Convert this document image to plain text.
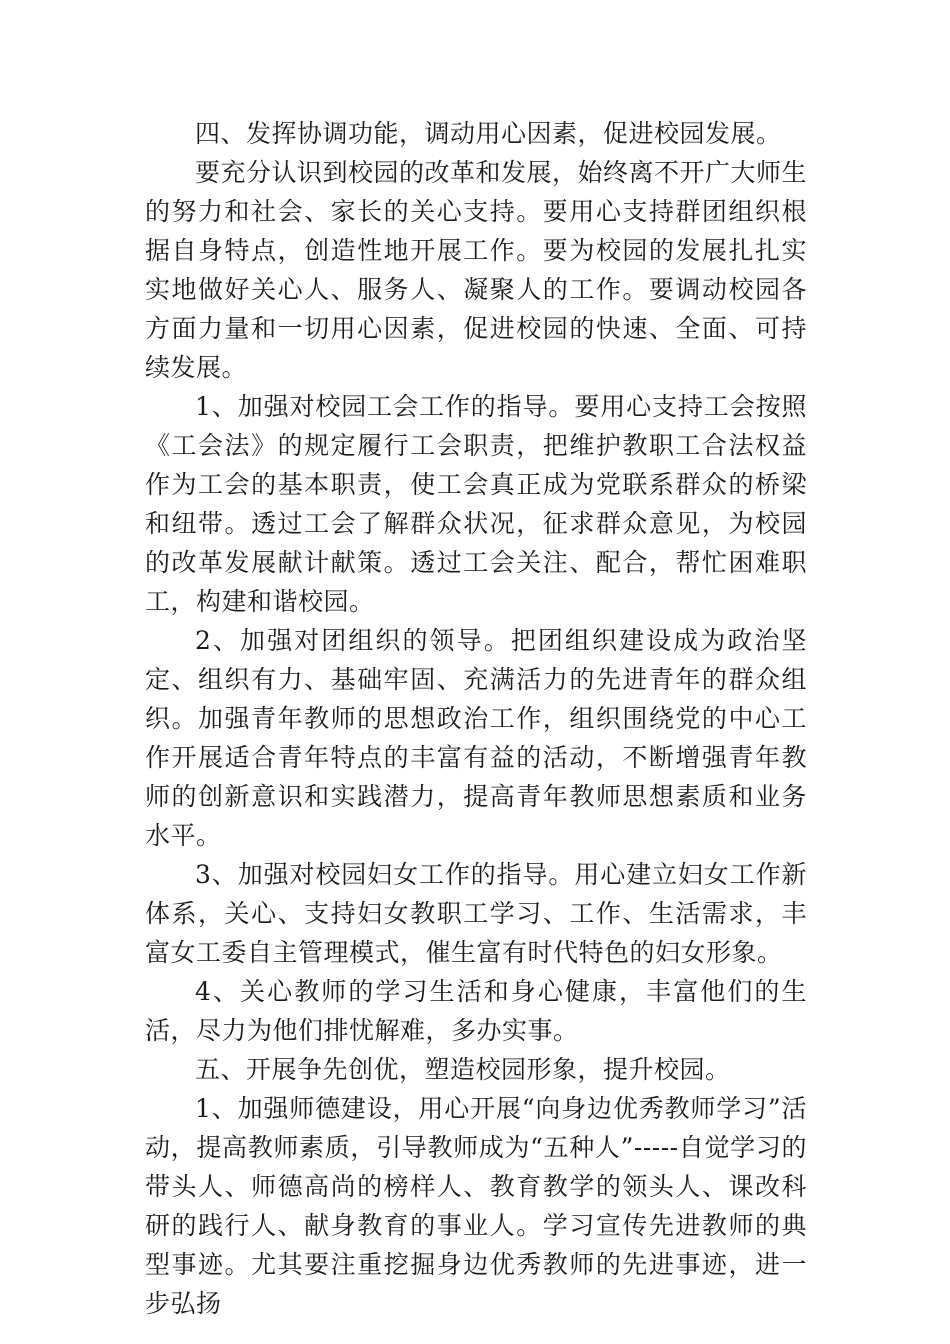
四、发挥协调功能，调动用心因素，促进校园发展。

要充分认识到校园的改革和发展，始终离不开广大师生的努力和社会、家长的关心支持。要用心支持群团组织根据自身特点，创造性地开展工作。要为校园的发展扎扎实实地做好关心人、服务人、凝聚人的工作。要调动校园各方面力量和一切用心因素，促进校园的快速、全面、可持续发展。

1、加强对校园工会工作的指导。要用心支持工会按照《工会法》的规定履行工会职责，把维护教职工合法权益作为工会的基本职责，使工会真正成为党联系群众的桥梁和纽带。透过工会了解群众状况，征求群众意见，为校园的改革发展献计献策。透过工会关注、配合，帮忙困难职工，构建和谐校园。

2、加强对团组织的领导。把团组织建设成为政治坚定、组织有力、基础牢固、充满活力的先进青年的群众组织。加强青年教师的思想政治工作，组织围绕党的中心工作开展适合青年特点的丰富有益的活动，不断增强青年教师的创新意识和实践潜力，提高青年教师思想素质和业务水平。

3、加强对校园妇女工作的指导。用心建立妇女工作新体系，关心、支持妇女教职工学习、工作、生活需求，丰富女工委自主管理模式，催生富有时代特色的妇女形象。

4、关心教师的学习生活和身心健康，丰富他们的生活，尽力为他们排忧解难，多办实事。

五、开展争先创优，塑造校园形象，提升校园。

1、加强师德建设，用心开展“向身边优秀教师学习”活动，提高教师素质，引导教师成为“五种人”-----自觉学习的带头人、师德高尚的榜样人、教育教学的领头人、课改科研的践行人、献身教育的事业人。学习宣传先进教师的典型事迹。尤其要注重挖掘身边优秀教师的先进事迹，进一步弘扬
